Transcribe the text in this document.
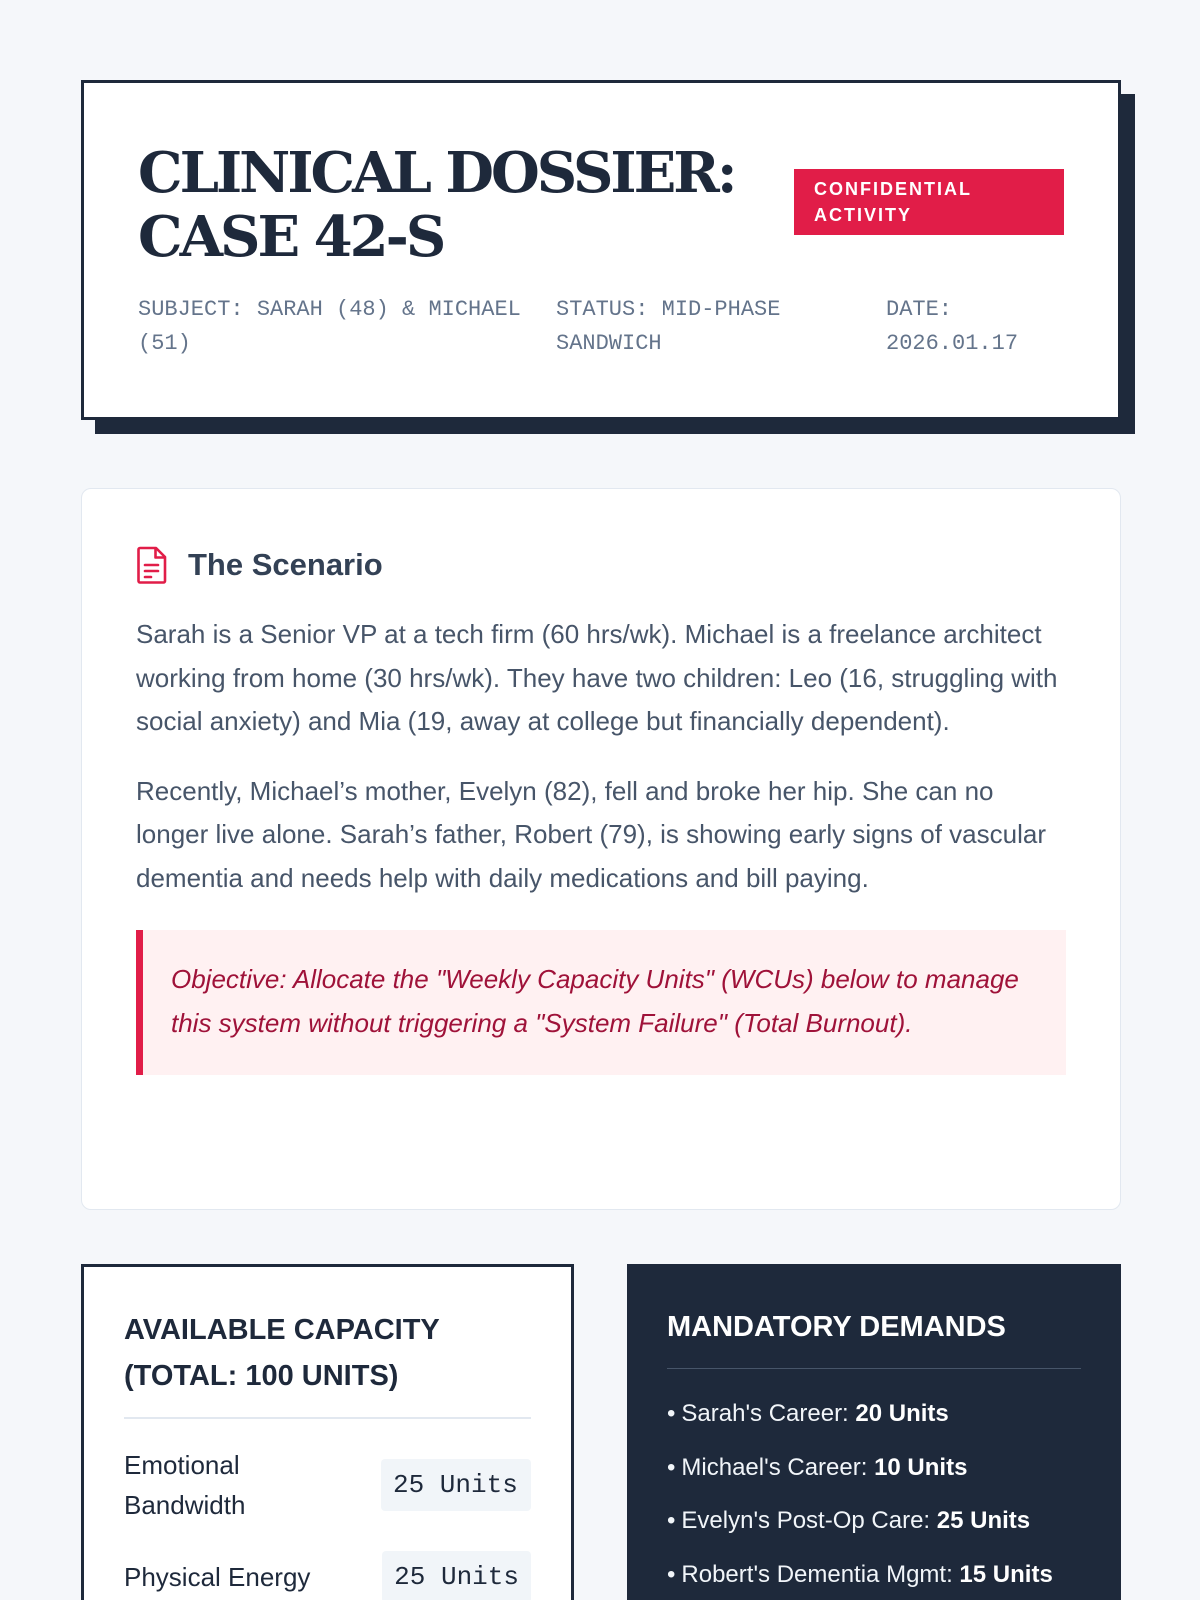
CLINICAL DOSSIER: CASE 42-S
CONFIDENTIAL ACTIVITY
SUBJECT: SARAH (48) & MICHAEL (51)
STATUS: MID-PHASE SANDWICH
DATE: 2026.01.17
The Scenario

Sarah is a Senior VP at a tech firm (60 hrs/wk). Michael is a freelance architect working from home (30 hrs/wk). They have two children: Leo (16, struggling with social anxiety) and Mia (19, away at college but financially dependent).

Recently, Michael’s mother, Evelyn (82), fell and broke her hip. She can no longer live alone. Sarah’s father, Robert (79), is showing early signs of vascular dementia and needs help with daily medications and bill paying.

Objective: Allocate the "Weekly Capacity Units" (WCUs) below to manage this system without triggering a "System Failure" (Total Burnout).
AVAILABLE CAPACITY (TOTAL: 100 UNITS)
Emotional Bandwidth
25 Units
Physical Energy	25 Units
MANDATORY DEMANDS
• Sarah's Career: 20 Units
• Michael's Career: 10 Units
• Evelyn's Post-Op Care: 25 Units
• Robert's Dementia Mgmt: 15 Units
